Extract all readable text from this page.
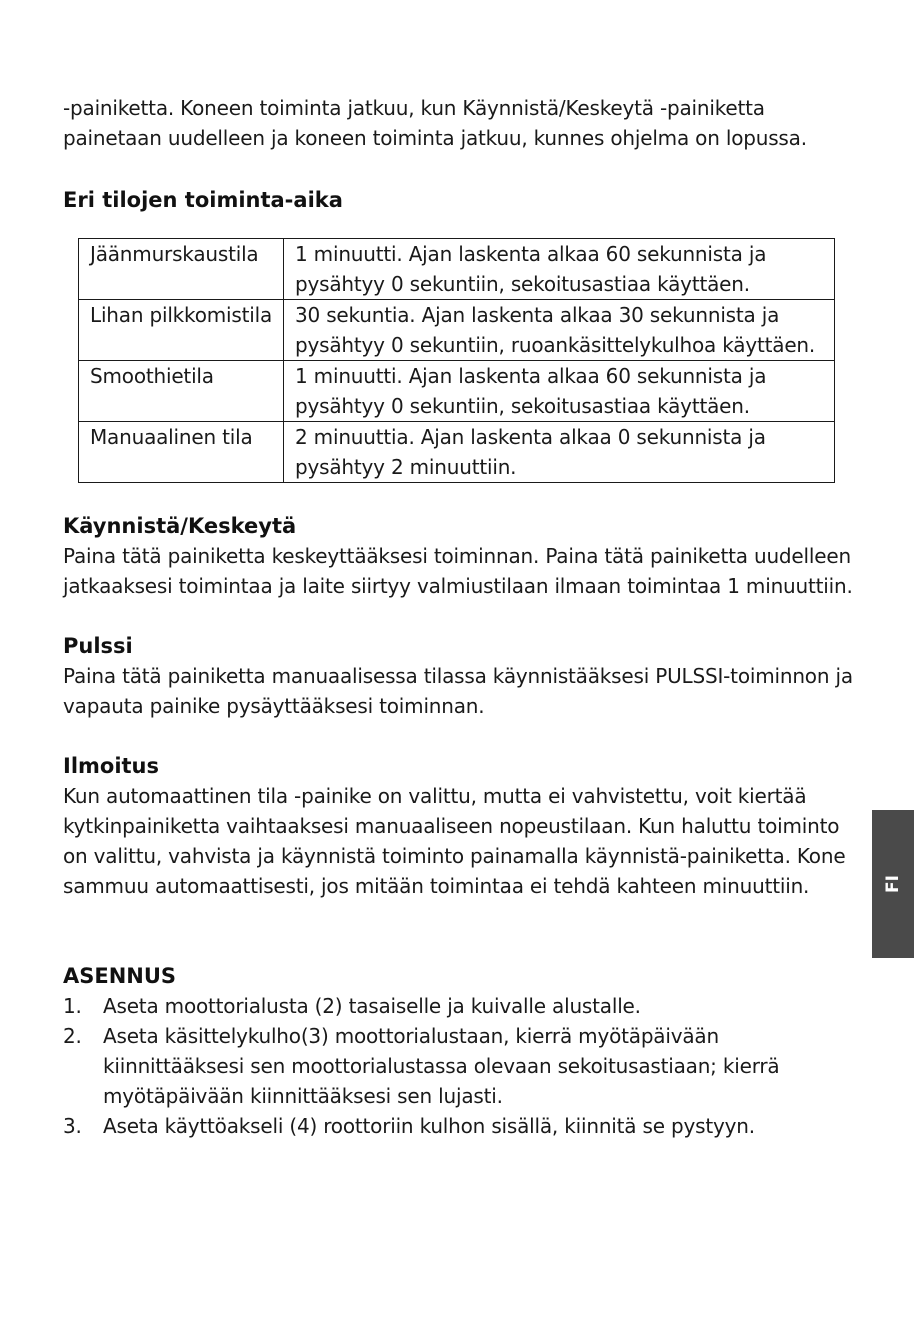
-painiketta. Koneen toiminta jatkuu, kun Käynnistä/Keskeytä -painiketta painetaan uudelleen ja koneen toiminta jatkuu, kunnes ohjelma on lopussa.

Eri tilojen toiminta-aika
Jäänmurskaustila	1 minuutti. Ajan laskenta alkaa 60 sekunnista ja pysähtyy 0 sekuntiin, sekoitusastiaa käyttäen.
Lihan pilkkomistila	30 sekuntia. Ajan laskenta alkaa 30 sekunnista ja pysähtyy 0 sekuntiin, ruoankäsittelykulhoa käyttäen.
Smoothietila	1 minuutti. Ajan laskenta alkaa 60 sekunnista ja pysähtyy 0 sekuntiin, sekoitusastiaa käyttäen.
Manuaalinen tila	2 minuuttia. Ajan laskenta alkaa 0 sekunnista ja pysähtyy 2 minuuttiin.
Käynnistä/Keskeytä

Paina tätä painiketta keskeyttääksesi toiminnan. Paina tätä painiketta uudelleen jatkaaksesi toimintaa ja laite siirtyy valmiustilaan ilmaan toimintaa 1 minuuttiin.

Pulssi

Paina tätä painiketta manuaalisessa tilassa käynnistääksesi PULSSI-toiminnon ja vapauta painike pysäyttääksesi toiminnan.

Ilmoitus

Kun automaattinen tila -painike on valittu, mutta ei vahvistettu, voit kiertää kytkinpainiketta vaihtaaksesi manuaaliseen nopeustilaan. Kun haluttu toiminto on valittu, vahvista ja käynnistä toiminto painamalla käynnistä-painiketta. Kone sammuu automaattisesti, jos mitään toimintaa ei tehdä kahteen minuuttiin.

ASENNUS
1. Aseta moottorialusta (2) tasaiselle ja kuivalle alustalle.
2. Aseta käsittelykulho(3) moottorialustaan, kierrä myötäpäivään kiinnittääksesi sen moottorialustassa olevaan sekoitusastiaan; kierrä myötäpäivään kiinnittääksesi sen lujasti.
3. Aseta käyttöakseli (4) roottoriin kulhon sisällä, kiinnitä se pystyyn.
FI
